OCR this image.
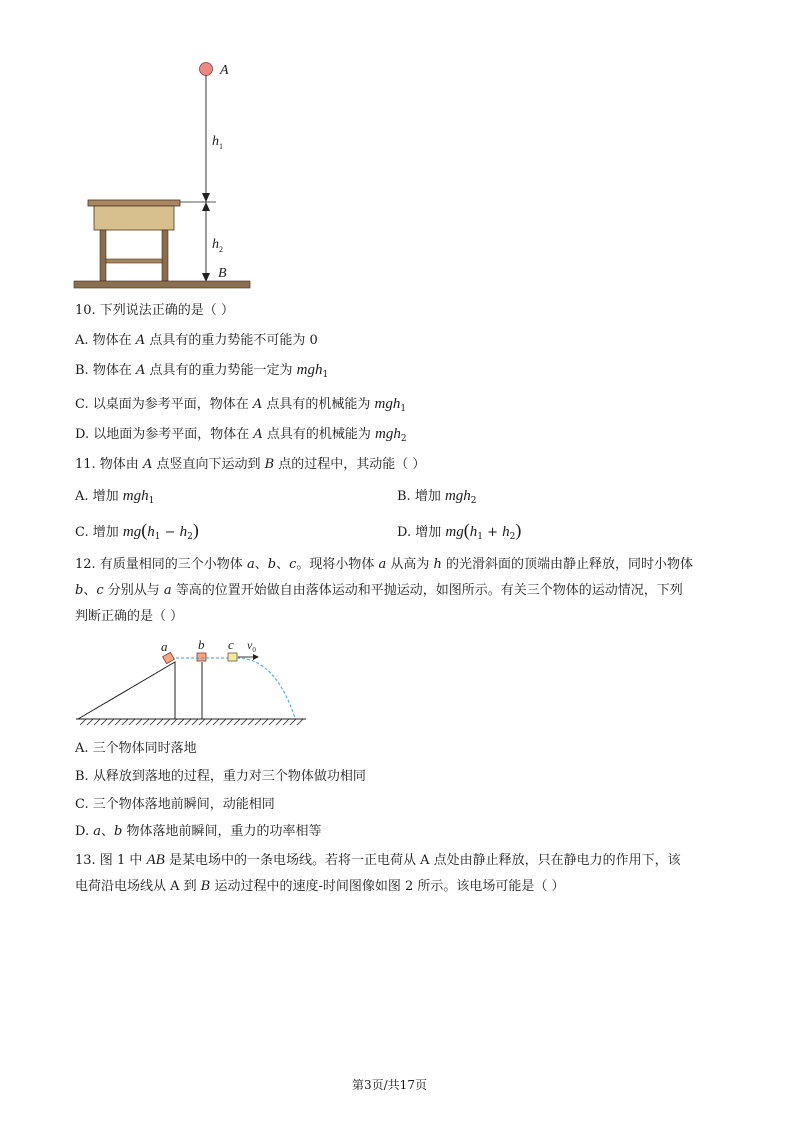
A
$h_1$
$h_2$
B
10. 下列说法正确的是（ ）
A. 物体在 A 点具有的重力势能不可能为 0
B. 物体在 A 点具有的重力势能一定为 mgh$_1$
C. 以桌面为参考平面，物体在 A 点具有的机械能为 mgh$_1$
D. 以地面为参考平面，物体在 A 点具有的机械能为 mgh$_2$
11. 物体由 A 点竖直向下运动到 B 点的过程中，其动能（ ）
A. 增加 mgh$_1$	B. 增加 mgh$_2$
C. 增加 $mg(h_1 - h_2)$	D. 增加 $mg(h_1 + h_2)$
12. 有质量相同的三个小物体 a、b、c。现将小物体 a 从高为 h 的光滑斜面的顶端由静止释放，同时小物体
b、c 分别从与 a 等高的位置开始做自由落体运动和平抛运动，如图所示。有关三个物体的运动情况，下列
判断正确的是（ ）
a b c $v_0$
A. 三个物体同时落地
B. 从释放到落地的过程，重力对三个物体做功相同
C. 三个物体落地前瞬间，动能相同
D. a、b 物体落地前瞬间，重力的功率相等
13. 图 1 中 AB 是某电场中的一条电场线。若将一正电荷从 A 点处由静止释放，只在静电力的作用下，该
电荷沿电场线从 A 到 B 运动过程中的速度-时间图像如图 2 所示。该电场可能是（ ）
第3页/共17页
